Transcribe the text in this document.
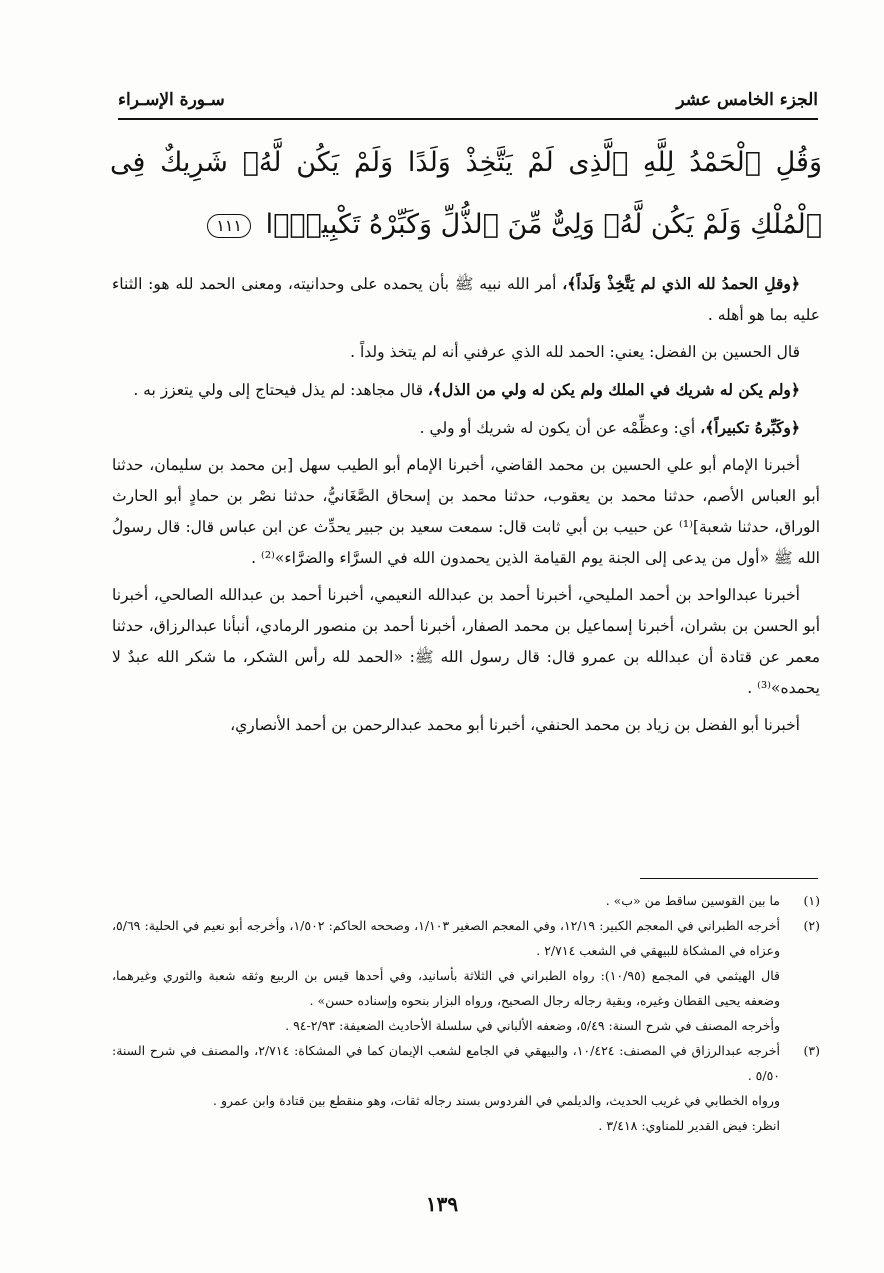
الجزء الخامس عشر
سـورة الإسـراء
وَقُلِ ٱلْحَمْدُ لِلَّهِ ٱلَّذِى لَمْ يَتَّخِذْ وَلَدًا وَلَمْ يَكُن لَّهُۥ شَرِيكٌ فِى ٱلْمُلْكِ وَلَمْ يَكُن لَّهُۥ وَلِىٌّ مِّنَ ٱلذُّلِّ وَكَبِّرْهُ تَكْبِيرًۢا ١١١

﴿وقلِ الحمدُ لله الذي لم يَتَّخِذْ وَلَداً﴾، أمر الله نبيه ﷺ بأن يحمده على وحدانيته، ومعنى الحمد لله هو: الثناء عليه بما هو أهله .

قال الحسين بن الفضل: يعني: الحمد لله الذي عرفني أنه لم يتخذ ولداً .

﴿ولم يكن له شريك في الملك ولم يكن له ولي من الذل﴾، قال مجاهد: لم يذل فيحتاج إلى ولي يتعزز به .

﴿وكَبِّرهُ تكبيراً﴾، أي: وعظِّمْه عن أن يكون له شريك أو ولي .

أخبرنا الإمام أبو علي الحسين بن محمد القاضي، أخبرنا الإمام أبو الطيب سهل [بن محمد بن سليمان، حدثنا أبو العباس الأصم، حدثنا محمد بن يعقوب، حدثنا محمد بن إسحاق الصَّغَانيُّ، حدثنا نصْر بن حمادٍ أبو الحارث الوراق، حدثنا شعبة]⁽¹⁾ عن حبيب بن أبي ثابت قال: سمعت سعيد بن جبير يحدِّث عن ابن عباس قال: قال رسولُ الله ﷺ «أول من يدعى إلى الجنة يوم القيامة الذين يحمدون الله في السرَّاء والضرَّاء»⁽²⁾ .

أخبرنا عبدالواحد بن أحمد المليحي، أخبرنا أحمد بن عبدالله النعيمي، أخبرنا أحمد بن عبدالله الصالحي، أخبرنا أبو الحسن بن بشران، أخبرنا إسماعيل بن محمد الصفار، أخبرنا أحمد بن منصور الرمادي، أنبأنا عبدالرزاق، حدثنا معمر عن قتادة أن عبدالله بن عمرو قال: قال رسول الله ﷺ: «الحمد لله رأس الشكر، ما شكر الله عبدٌ لا يحمده»⁽³⁾ .

أخبرنا أبو الفضل بن زياد بن محمد الحنفي، أخبرنا أبو محمد عبدالرحمن بن أحمد الأنصاري،

(١)

ما بين القوسين ساقط من «ب» .

(٢)

أخرجه الطبراني في المعجم الكبير: ١٢/١٩، وفي المعجم الصغير ١/١٠٣، وصححه الحاكم: ١/٥٠٢، وأخرجه أبو نعيم في الحلية: ٥/٦٩، وعزاه في المشكاة للبيهقي في الشعب ٢/٧١٤ .

قال الهيثمي في المجمع (١٠/٩٥): رواه الطبراني في الثلاثة بأسانيد، وفي أحدها قيس بن الربيع وثقه شعبة والثوري وغيرهما، وضعفه يحيى القطان وغيره، وبقية رجاله رجال الصحيح، ورواه البزار بنحوه وإسناده حسن» .

وأخرجه المصنف في شرح السنة: ٥/٤٩، وضعفه الألباني في سلسلة الأحاديث الضعيفة: ٢/٩٣-٩٤ .

(٣)

أخرجه عبدالرزاق في المصنف: ١٠/٤٢٤، والبيهقي في الجامع لشعب الإيمان كما في المشكاة: ٢/٧١٤، والمصنف في شرح السنة: ٥/٥٠ .

ورواه الخطابي في غريب الحديث، والديلمي في الفردوس بسند رجاله ثقات، وهو منقطع بين قتادة وابن عمرو .

انظر: فيض القدير للمناوي: ٣/٤١٨ .

١٣٩
